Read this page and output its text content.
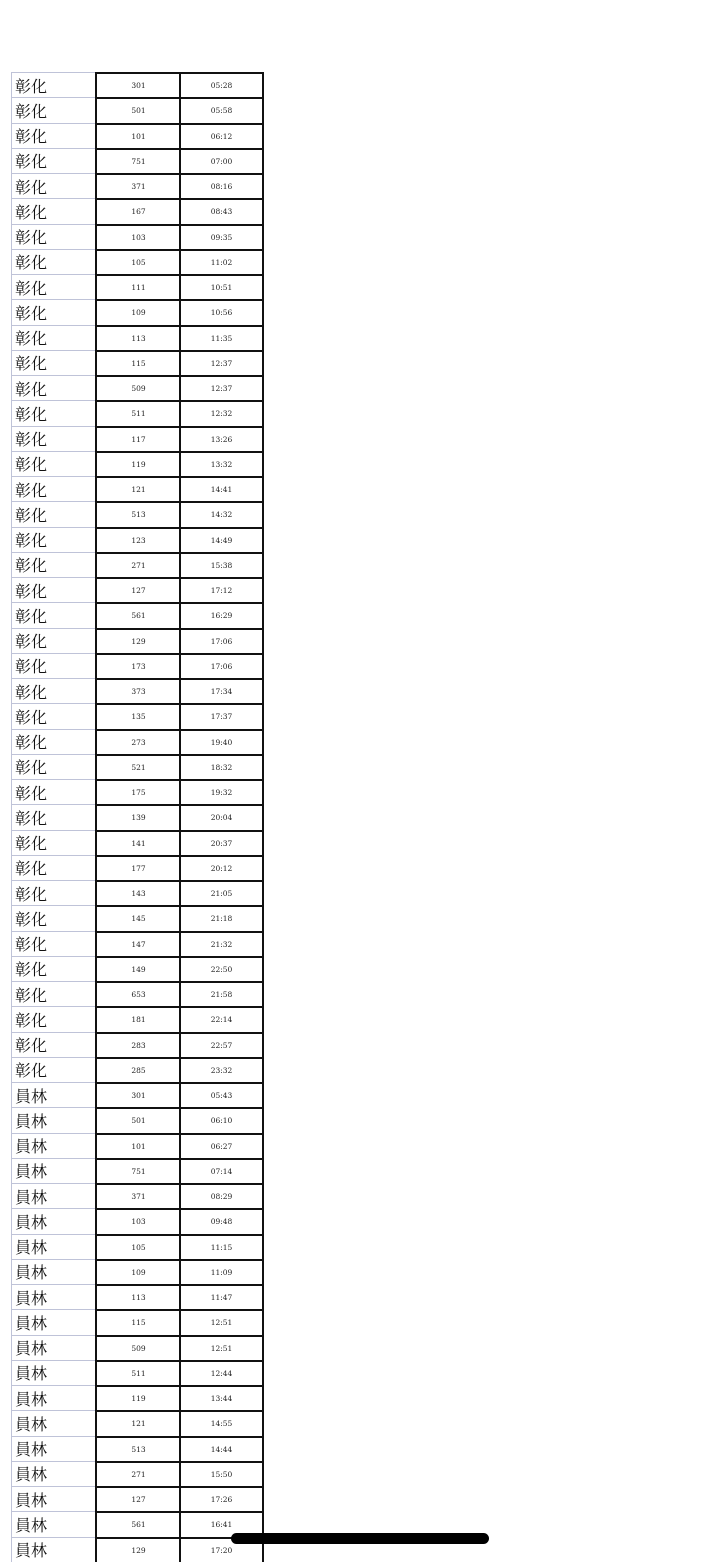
彰化	301	05:28
彰化	501	05:58
彰化	101	06:12
彰化	751	07:00
彰化	371	08:16
彰化	167	08:43
彰化	103	09:35
彰化	105	11:02
彰化	111	10:51
彰化	109	10:56
彰化	113	11:35
彰化	115	12:37
彰化	509	12:37
彰化	511	12:32
彰化	117	13:26
彰化	119	13:32
彰化	121	14:41
彰化	513	14:32
彰化	123	14:49
彰化	271	15:38
彰化	127	17:12
彰化	561	16:29
彰化	129	17:06
彰化	173	17:06
彰化	373	17:34
彰化	135	17:37
彰化	273	19:40
彰化	521	18:32
彰化	175	19:32
彰化	139	20:04
彰化	141	20:37
彰化	177	20:12
彰化	143	21:05
彰化	145	21:18
彰化	147	21:32
彰化	149	22:50
彰化	653	21:58
彰化	181	22:14
彰化	283	22:57
彰化	285	23:32
員林	301	05:43
員林	501	06:10
員林	101	06:27
員林	751	07:14
員林	371	08:29
員林	103	09:48
員林	105	11:15
員林	109	11:09
員林	113	11:47
員林	115	12:51
員林	509	12:51
員林	511	12:44
員林	119	13:44
員林	121	14:55
員林	513	14:44
員林	271	15:50
員林	127	17:26
員林	561	16:41
員林	129	17:20
